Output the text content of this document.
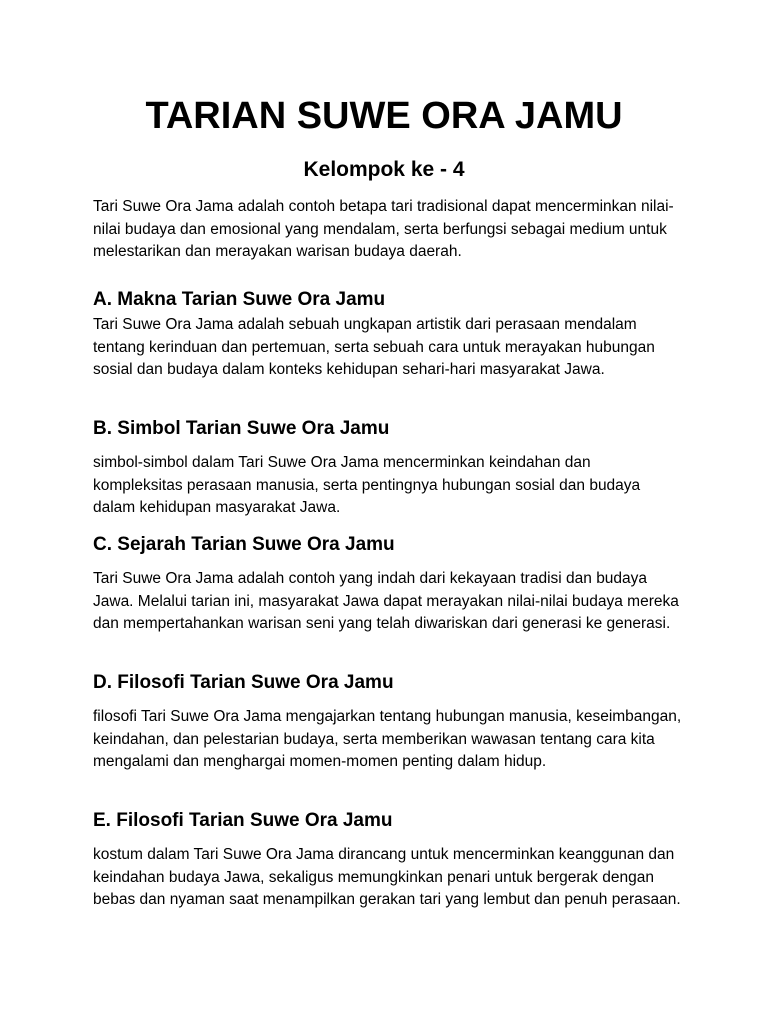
TARIAN SUWE ORA JAMU
Kelompok ke - 4

Tari Suwe Ora Jama adalah contoh betapa tari tradisional dapat mencerminkan nilai-nilai budaya dan emosional yang mendalam, serta berfungsi sebagai medium untuk melestarikan dan merayakan warisan budaya daerah.

A. Makna Tarian Suwe Ora Jamu

Tari Suwe Ora Jama adalah sebuah ungkapan artistik dari perasaan mendalam tentang kerinduan dan pertemuan, serta sebuah cara untuk merayakan hubungan sosial dan budaya dalam konteks kehidupan sehari-hari masyarakat Jawa.

B. Simbol Tarian Suwe Ora Jamu

simbol-simbol dalam Tari Suwe Ora Jama mencerminkan keindahan dan kompleksitas perasaan manusia, serta pentingnya hubungan sosial dan budaya dalam kehidupan masyarakat Jawa.

C. Sejarah Tarian Suwe Ora Jamu

Tari Suwe Ora Jama adalah contoh yang indah dari kekayaan tradisi dan budaya Jawa. Melalui tarian ini, masyarakat Jawa dapat merayakan nilai-nilai budaya mereka dan mempertahankan warisan seni yang telah diwariskan dari generasi ke generasi.

D. Filosofi Tarian Suwe Ora Jamu

filosofi Tari Suwe Ora Jama mengajarkan tentang hubungan manusia, keseimbangan, keindahan, dan pelestarian budaya, serta memberikan wawasan tentang cara kita mengalami dan menghargai momen-momen penting dalam hidup.

E. Filosofi Tarian Suwe Ora Jamu

kostum dalam Tari Suwe Ora Jama dirancang untuk mencerminkan keanggunan dan keindahan budaya Jawa, sekaligus memungkinkan penari untuk bergerak dengan bebas dan nyaman saat menampilkan gerakan tari yang lembut dan penuh perasaan.
